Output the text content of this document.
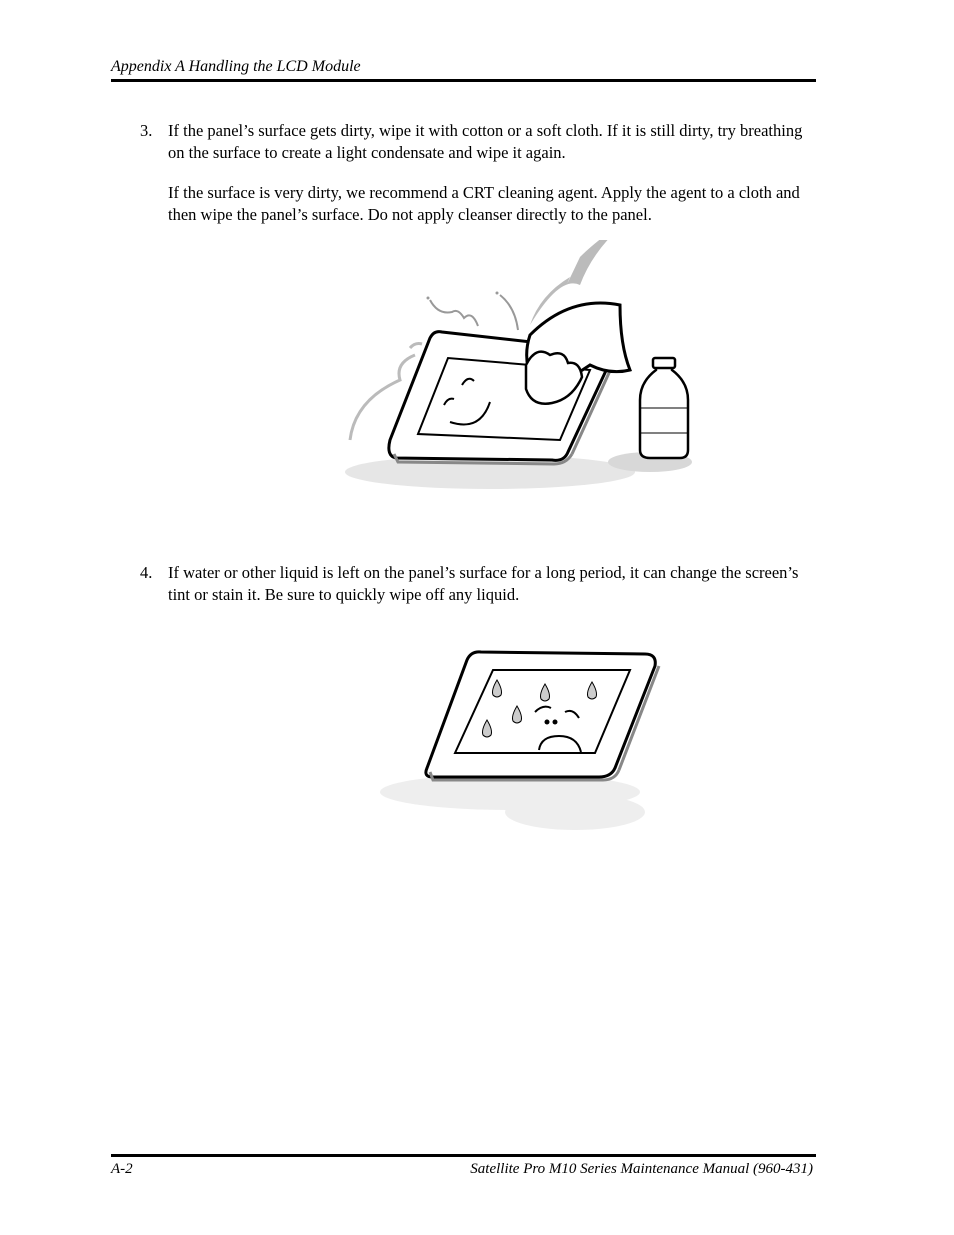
Appendix A Handling the LCD Module
3. If the panel’s surface gets dirty, wipe it with cotton or a soft cloth. If it is still dirty, try breathing on the surface to create a light condensate and wipe it again.

If the surface is very dirty, we recommend a CRT cleaning agent. Apply the agent to a cloth and then wipe the panel’s surface. Do not apply cleanser directly to the panel.

4. If water or other liquid is left on the panel’s surface for a long period, it can change the screen’s tint or stain it. Be sure to quickly wipe off any liquid.

A-2	Satellite Pro M10 Series Maintenance Manual (960-431)
